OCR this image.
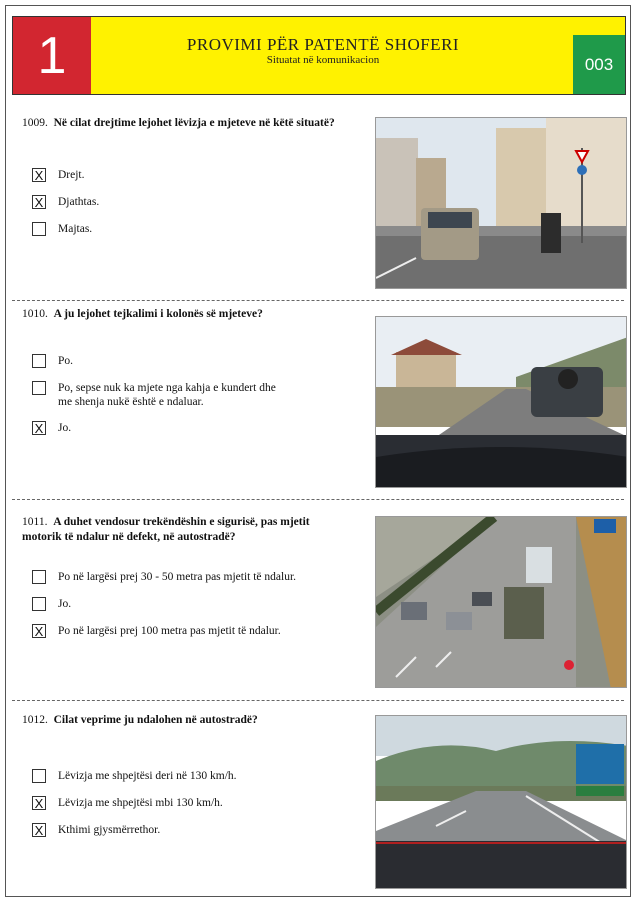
1	PROVIMI PËR PATENTË SHOFERI
Situatat në komunikacion	003
1009. Në cilat drejtime lejohet lëvizja e mjeteve në këtë situatë?
X Drejt.
X Djathtas.
Majtas.
1010. A ju lejohet tejkalimi i kolonës së mjeteve?
Po.
Po, sepse nuk ka mjete nga kahja e kundert dhe me shenja nukë është e ndaluar.
X Jo.
1011. A duhet vendosur trekëndëshin e sigurisë, pas mjetit motorik të ndalur në defekt, në autostradë?
Po në largësi prej 30 - 50 metra pas mjetit të ndalur.
Jo.
X Po në largësi prej 100 metra pas mjetit të ndalur.
1012. Cilat veprime ju ndalohen në autostradë?
Lëvizja me shpejtësi deri në 130 km/h.
X Lëvizja me shpejtësi mbi 130 km/h.
X Kthimi gjysmërrethor.
